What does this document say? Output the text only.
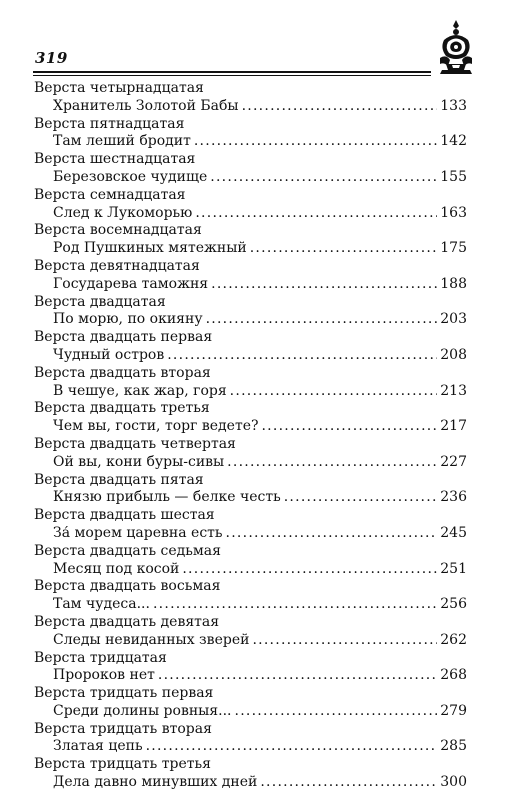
319
Верста четырнадцатая
Хранитель Золотой Бабы . . .	133
Верста пятнадцатая
Там леший бродит . . .	142
Верста шестнадцатая
Березовское чудище . . .	155
Верста семнадцатая
След к Лукоморью . . .	163
Верста восемнадцатая
Род Пушкиных мятежный . . .	175
Верста девятнадцатая
Государева таможня . . .	188
Верста двадцатая
По морю, по окияну . . .	203
Верста двадцать первая
Чудный остров . . .	208
Верста двадцать вторая
В чешуе, как жар, горя . . .	213
Верста двадцать третья
Чем вы, гости, торг ведете? . . .	217
Верста двадцать четвертая
Ой вы, кони буры-сивы . . .	227
Верста двадцать пятая
Князю прибыль — белке честь . . .	236
Верста двадцать шестая
За́ морем царевна есть . . .	245
Верста двадцать седьмая
Месяц под косой . . .	251
Верста двадцать восьмая
Там чудеса... . . .	256
Верста двадцать девятая
Следы невиданных зверей . . .	262
Верста тридцатая
Пророков нет . . .	268
Верста тридцать первая
Среди долины ровныя... . . .	279
Верста тридцать вторая
Златая цепь . . .	285
Верста тридцать третья
Дела давно минувших дней . . .	300
